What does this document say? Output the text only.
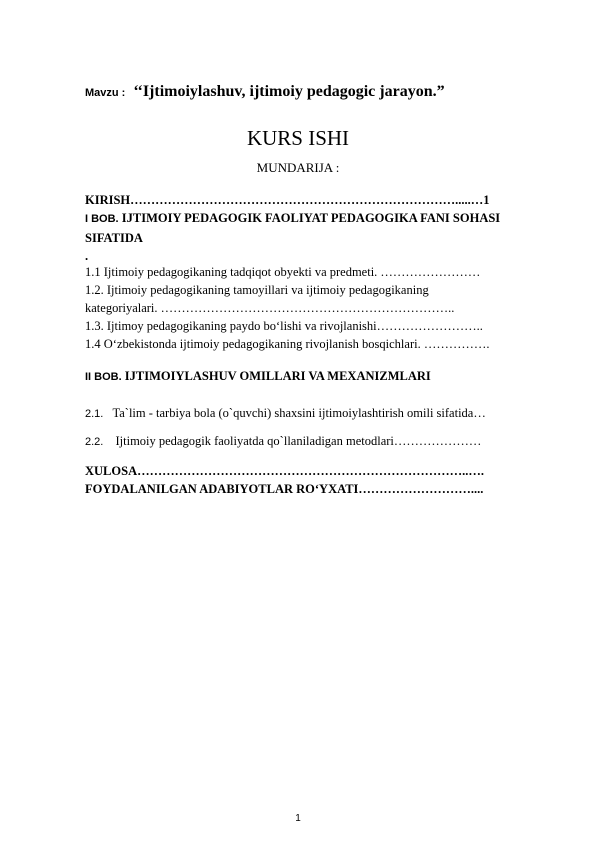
Mavzu : ‘‘Ijtimoiylashuv, ijtimoiy pedagogic jarayon.”
KURS ISHI
MUNDARIJA :
KIRISH…………………………………………………………………….....…1
I BOB. IJTIMOIY PEDAGOGIK FAOLIYAT PEDAGOGIKA FANI SOHASI
SIFATIDA
.
1.1 Ijtimoiy pedagogikaning tadqiqot obyekti va predmeti. ……………………
1.2. Ijtimoiy pedagogikaning tamoyillari va ijtimoiy pedagogikaning
kategoriyalari. ……………………………………………………………..
1.3. Ijtimoy pedagogikaning paydo bo‘lishi va rivojlanishi……………………..
1.4 O‘zbekistonda ijtimoiy pedagogikaning rivojlanish bosqichlari. …………….
II BOB. IJTIMOIYLASHUV OMILLARI VA MEXANIZMLARI
2.1. Ta`lim - tarbiya bola (o`quvchi) shaxsini ijtimoiylashtirish omili sifatida…
2.2. Ijtimoiy pedagogik faoliyatda qo`llaniladigan metodlari…………………
XULOSA……………………………………………………………………..….
FOYDALANILGAN ADABIYOTLAR RO‘YXATI………………………....
1
